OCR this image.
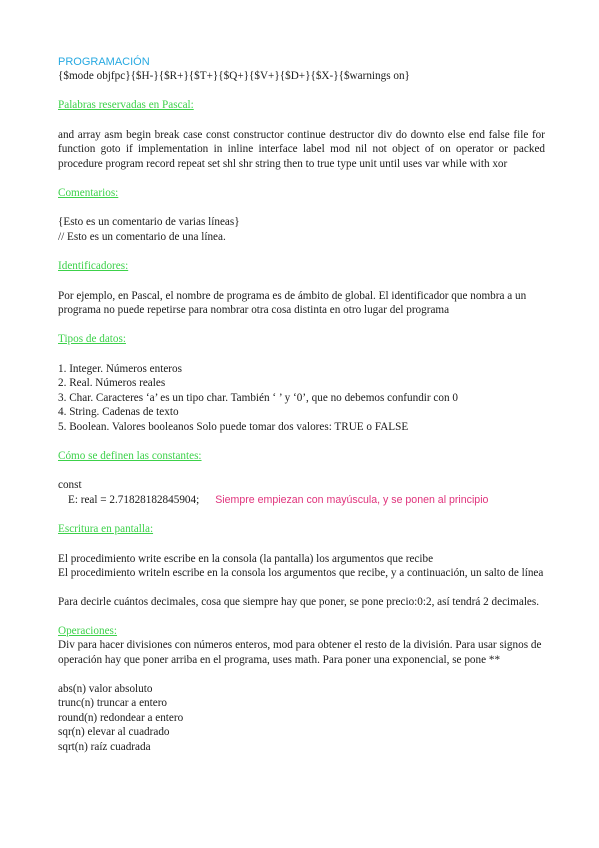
PROGRAMACIÓN
{$mode objfpc}{$H-}{$R+}{$T+}{$Q+}{$V+}{$D+}{$X-}{$warnings on}
Palabras reservadas en Pascal:
and array asm begin break case const constructor continue destructor div do downto else end false file for function goto if implementation in inline interface label mod nil not object of on operator or packed procedure program record repeat set shl shr string then to true type unit until uses var while with xor
Comentarios:
{Esto es un comentario de varias líneas}
// Esto es un comentario de una línea.
Identificadores:
Por ejemplo, en Pascal, el nombre de programa es de ámbito de global. El identificador que nombra a un programa no puede repetirse para nombrar otra cosa distinta en otro lugar del programa
Tipos de datos:
1. Integer. Números enteros
2. Real. Números reales
3. Char. Caracteres ‘a’ es un tipo char. También ‘ ’ y ‘0’, que no debemos confundir con 0
4. String. Cadenas de texto
5. Boolean. Valores booleanos Solo puede tomar dos valores: TRUE o FALSE
Cómo se definen las constantes:
const
E: real = 2.71828182845904; Siempre empiezan con mayúscula, y se ponen al principio
Escritura en pantalla:
El procedimiento write escribe en la consola (la pantalla) los argumentos que recibe
El procedimiento writeln escribe en la consola los argumentos que recibe, y a continuación, un salto de línea
Para decirle cuántos decimales, cosa que siempre hay que poner, se pone precio:0:2, así tendrá 2 decimales.
Operaciones:
Div para hacer divisiones con números enteros, mod para obtener el resto de la división. Para usar signos de operación hay que poner arriba en el programa, uses math. Para poner una exponencial, se pone **
abs(n) valor absoluto
trunc(n) truncar a entero
round(n) redondear a entero
sqr(n) elevar al cuadrado
sqrt(n) raíz cuadrada
